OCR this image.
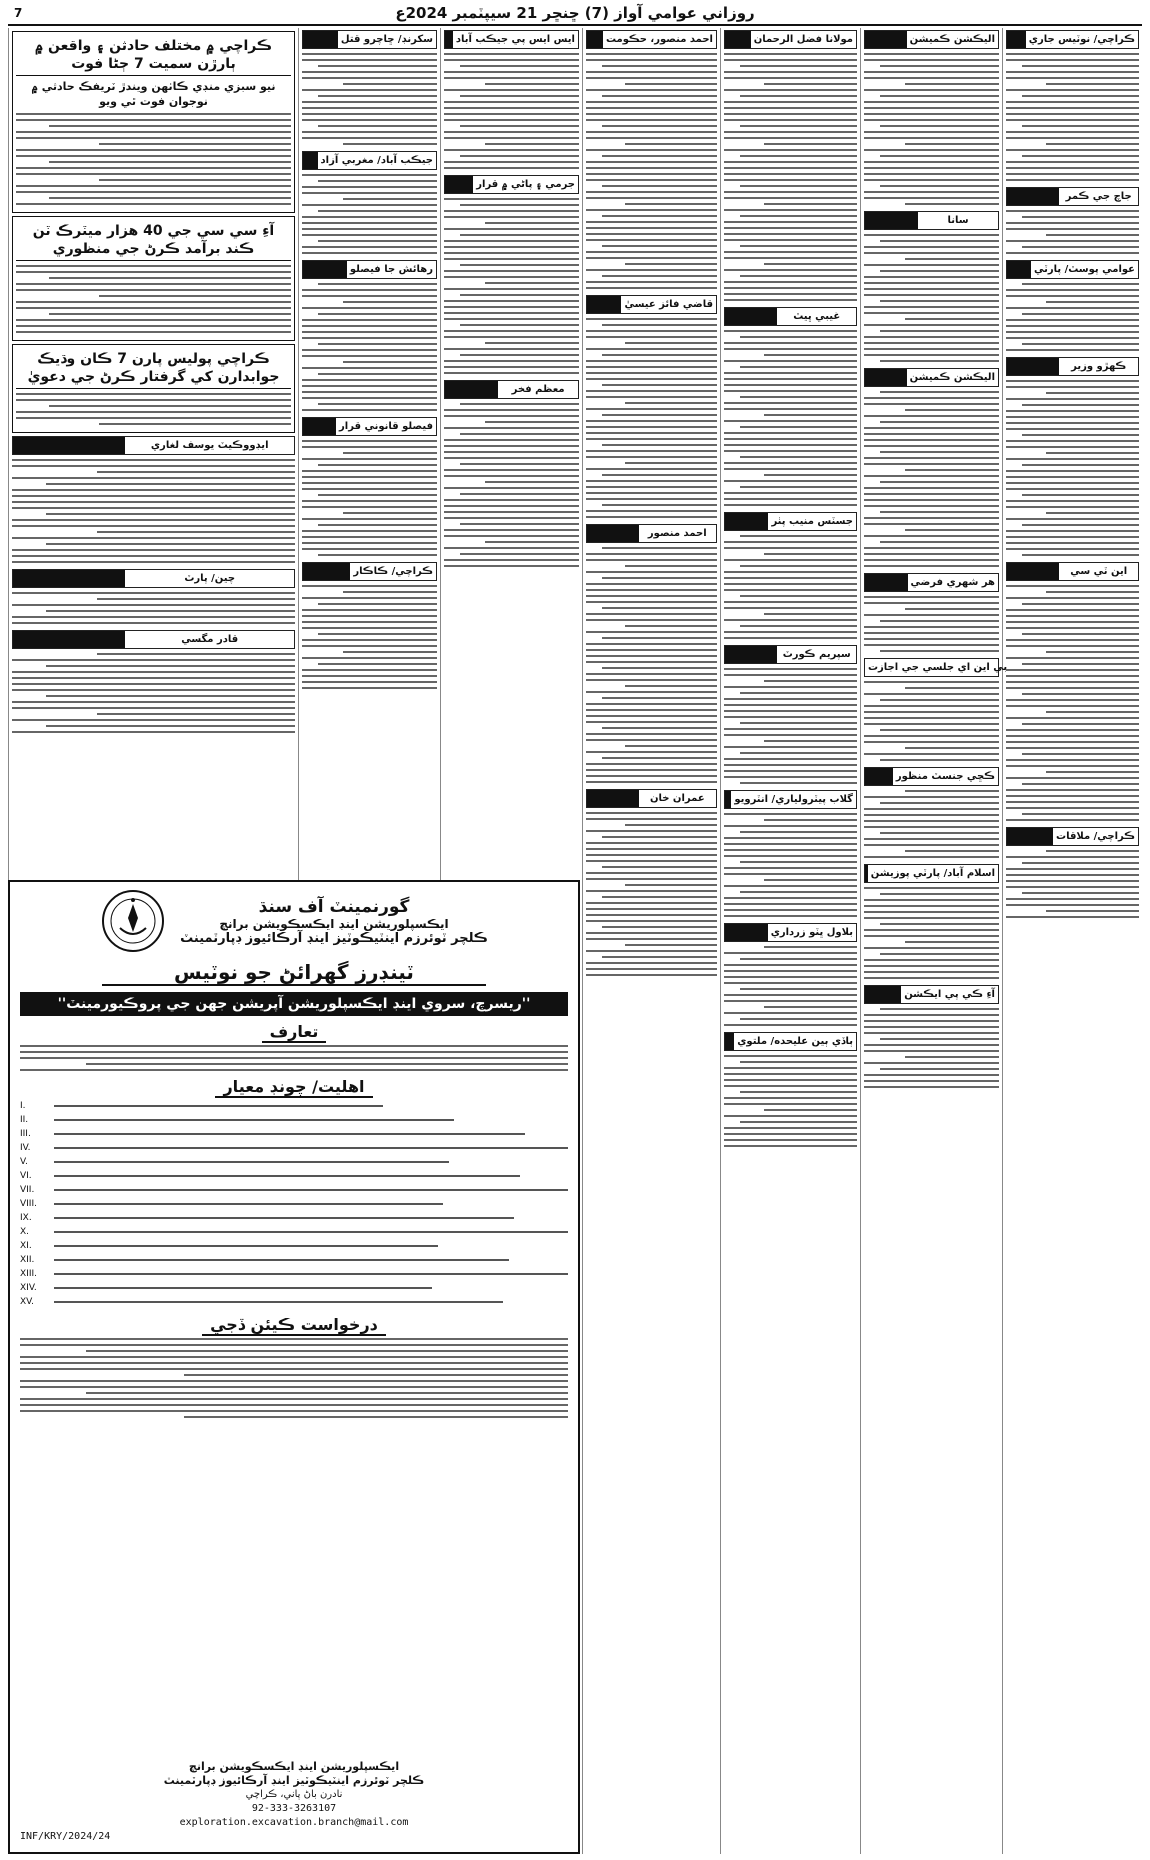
روزاني عوامي آواز (7) ڇنڇر 21 سيپٽمبر 2024ع
7
ڪراچي/ نوٽيس جاري
جاچ جي ڪمر
عوامي پوسٽ/ پارٽي
ڪهڙو وزير
اين ٽي سي
ڪراچي/ ملاقات
اليڪشن ڪميشن
سانا
اليڪشن ڪميشن
هر شهري فرضي
بي اين اي جلسي جي اجازت
ڪڇي جنسٽ منظور
اسلام آباد/ پارٽي پوزيشن
آءِ ڪي پي ايڪشن
مولانا فضل الرحمان
غيبي ڀيٽ
جسٽس منيب پٺر
سپريم ڪورٽ
گلاب پيٽرولياري/ انٽرويو
بلاول ڀٽو زرداري
ٻاڏي ٻين عليحده/ ملتوي
احمد منصور، حڪومت
قاضي فائز عيسيٰ
احمد منصور
عمران خان
ايس ايس پي جيڪب آباد
جرمي ۽ پاڻي ۾ قرار
معظم فخر
سکرنڊ/ ڇاچرو قتل
جيڪب آباد/ مغربي آزاد
رهائش جا فيصلو
فيصلو قانوني قرار
ڪراچي/ ڪاڪار
ڪراچي ۾ مختلف حادثن ۽ واقعن ۾ ٻارڙن سميت 7 ڄڻا فوت
نيو سبزي منڊي ڪاٺهن ويندڙ ٽريفڪ حادثي ۾ نوجوان فوت ٿي ويو
آءِ سي سي جي 40 هزار ميٽرڪ ٽن ڪند برآمد ڪرڻ جي منظوري
ڪراچي پوليس پارن 7 ڪان وڌيڪ جوابدارن کي گرفتار ڪرڻ جي دعويٰ
ايڊووڪيٽ يوسف لغاري
چين/ پارٽ
قادر مگسي
گورنمينٽ آف سنڌ
ايڪسپلوريشن اينڊ ايڪسڪويشن برانچ
ڪلچر ٽوئرزم اينٽيڪوٽيز اينڊ آرڪائيوز ڊپارٽمينٽ
ٽينڊرز گهرائڻ جو نوٽيس
''ريسرچ، سروي اينڊ ايڪسپلوريشن آپريشن جهن جي پروڪيورمينٽ''
تعارف
اهليت/ چونڊ معيار
I.
II.
III.
IV.
V.
VI.
VII.
VIII.
IX.
X.
XI.
XII.
XIII.
XIV.
XV.
درخواست ڪيئن ڏجي
ايڪسپلوريشن اينڊ ايڪسڪويشن برانچ
ڪلچر ٽوئرزم اينٽيڪوٽيز اينڊ آرڪائيوز ڊپارٽمينٽ
نادرن باڻ پاني، ڪراچي
92-333-3263107
exploration.excavation.branch@mail.com
INF/KRY/2024/24
